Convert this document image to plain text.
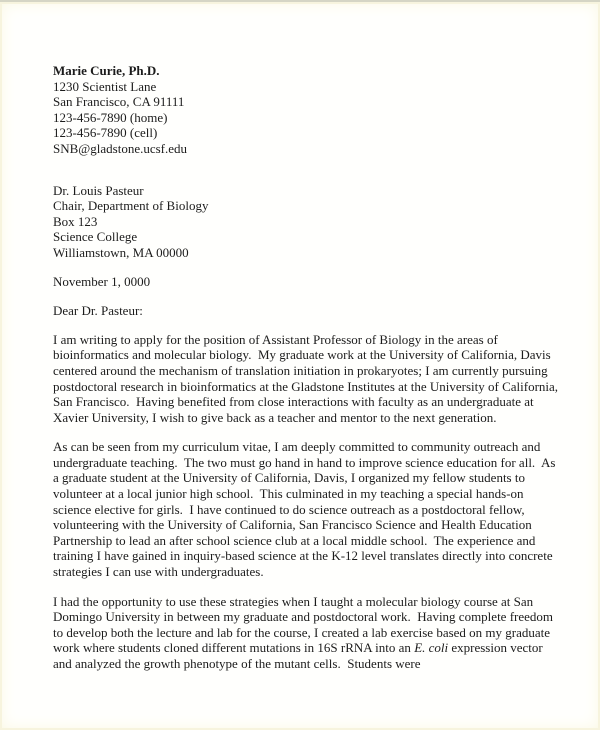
Marie Curie, Ph.D.
1230 Scientist Lane
San Francisco, CA 91111
123-456-7890 (home)
123-456-7890 (cell)
SNB@gladstone.ucsf.edu
Dr. Louis Pasteur
Chair, Department of Biology
Box 123
Science College
Williamstown, MA 00000
November 1, 0000
Dear Dr. Pasteur:

I am writing to apply for the position of Assistant Professor of Biology in the areas of bioinformatics and molecular biology.  My graduate work at the University of California, Davis centered around the mechanism of translation initiation in prokaryotes; I am currently pursuing postdoctoral research in bioinformatics at the Gladstone Institutes at the University of California, San Francisco.  Having benefited from close interactions with faculty as an undergraduate at Xavier University, I wish to give back as a teacher and mentor to the next generation.

As can be seen from my curriculum vitae, I am deeply committed to community outreach and undergraduate teaching.  The two must go hand in hand to improve science education for all.  As a graduate student at the University of California, Davis, I organized my fellow students to volunteer at a local junior high school.  This culminated in my teaching a special hands-on science elective for girls.  I have continued to do science outreach as a postdoctoral fellow, volunteering with the University of California, San Francisco Science and Health Education Partnership to lead an after school science club at a local middle school.  The experience and training I have gained in inquiry-based science at the K-12 level translates directly into concrete strategies I can use with undergraduates.

I had the opportunity to use these strategies when I taught a molecular biology course at San Domingo University in between my graduate and postdoctoral work.  Having complete freedom to develop both the lecture and lab for the course, I created a lab exercise based on my graduate work where students cloned different mutations in 16S rRNA into an E. coli expression vector and analyzed the growth phenotype of the mutant cells.  Students were
